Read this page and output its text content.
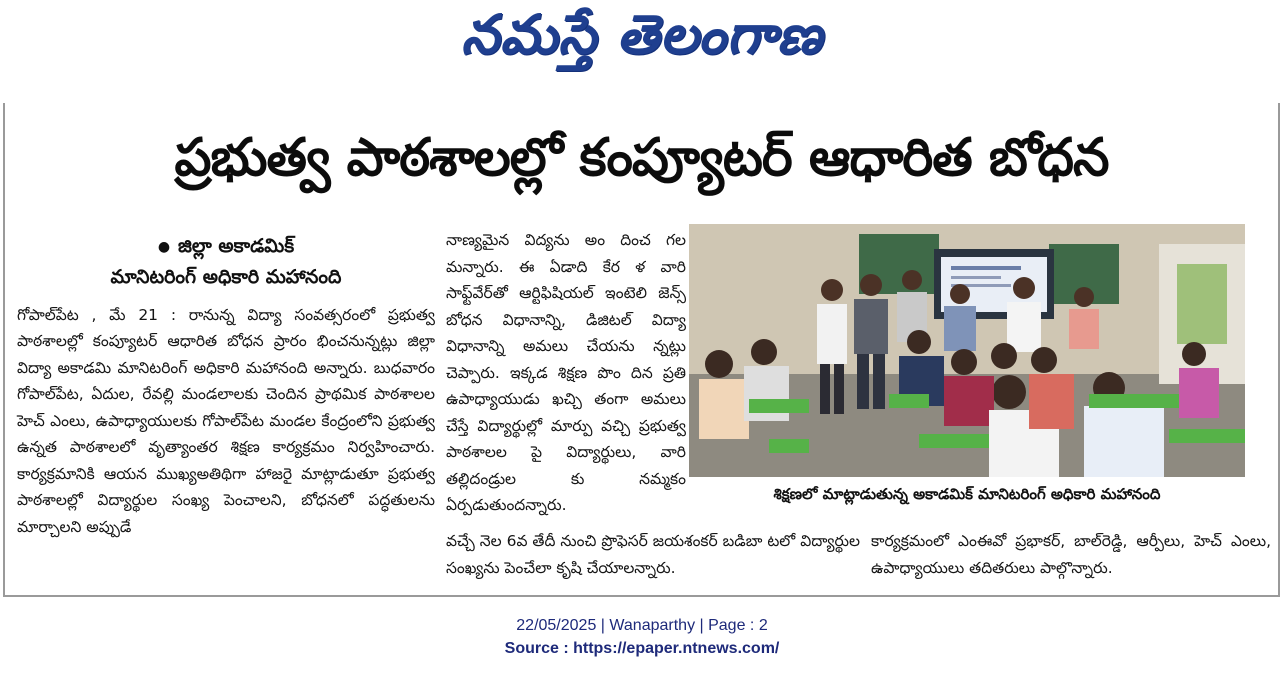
నమస్తే తెలంగాణ
ప్రభుత్వ పాఠశాలల్లో కంప్యూటర్ ఆధారిత బోధన
● జిల్లా అకాడమిక్
మానిటరింగ్ అధికారి మహానంది

గోపాల్‌పేట , మే 21 : రానున్న విద్యా సంవత్సరంలో ప్రభుత్వ పాఠశాలల్లో కంప్యూటర్ ఆధారిత బోధన ప్రారం భించనున్నట్లు జిల్లా విద్యా అకాడమి మానిటరింగ్ అధికారి మహానంది అన్నారు. బుధవారం గోపాల్‌పేట, ఏదుల, రేవల్లి మండలాలకు చెందిన ప్రాథమిక పాఠశాలల హెచ్ ఎంలు, ఉపాధ్యాయులకు గోపాల్‌పేట మండల కేంద్రంలోని ప్రభుత్వ ఉన్నత పాఠశాలలో వృత్యాంతర శిక్షణ కార్యక్రమం నిర్వహించారు. కార్యక్రమానికి ఆయన ముఖ్యఅతిథిగా హాజరై మాట్లాడుతూ ప్రభుత్వ పాఠశాలల్లో విద్యార్థుల సంఖ్య పెంచాలని, బోధనలో పద్ధతులను మార్చాలని అప్పుడే

నాణ్యమైన విద్యను అం దించ గల మన్నారు. ఈ ఏడాది కేర ళ వారి సాఫ్ట్‌వేర్‌తో ఆర్టిఫిషియల్ ఇంటెలి జెన్స్ బోధన విధానాన్ని, డిజిటల్ విద్యా విధానాన్ని అమలు చేయను న్నట్లు చెప్పారు. ఇక్కడ శిక్షణ పొం దిన ప్రతి ఉపాధ్యాయుడు ఖచ్చి తంగా అమలు చేస్తే విద్యార్థుల్లో మార్పు వచ్చి ప్రభుత్వ పాఠశాలల పై విద్యార్థులు, వారి తల్లిదండ్రుల కు నమ్మకం ఏర్పడుతుందన్నారు.

వచ్చే నెల 6వ తేదీ నుంచి ప్రొఫెసర్ జయశంకర్ బడిబా టలో విద్యార్థుల సంఖ్యను పెంచేలా కృషి చేయాలన్నారు.

కార్యక్రమంలో ఎంఈవో ప్రభాకర్, బాల్‌రెడ్డి, ఆర్పీలు, హెచ్ ఎంలు, ఉపాధ్యాయులు తదితరులు పాల్గొన్నారు.

శిక్షణలో మాట్లాడుతున్న అకాడమిక్ మానిటరింగ్ అధికారి మహానంది
22/05/2025 | Wanaparthy | Page : 2
Source : https://epaper.ntnews.com/
